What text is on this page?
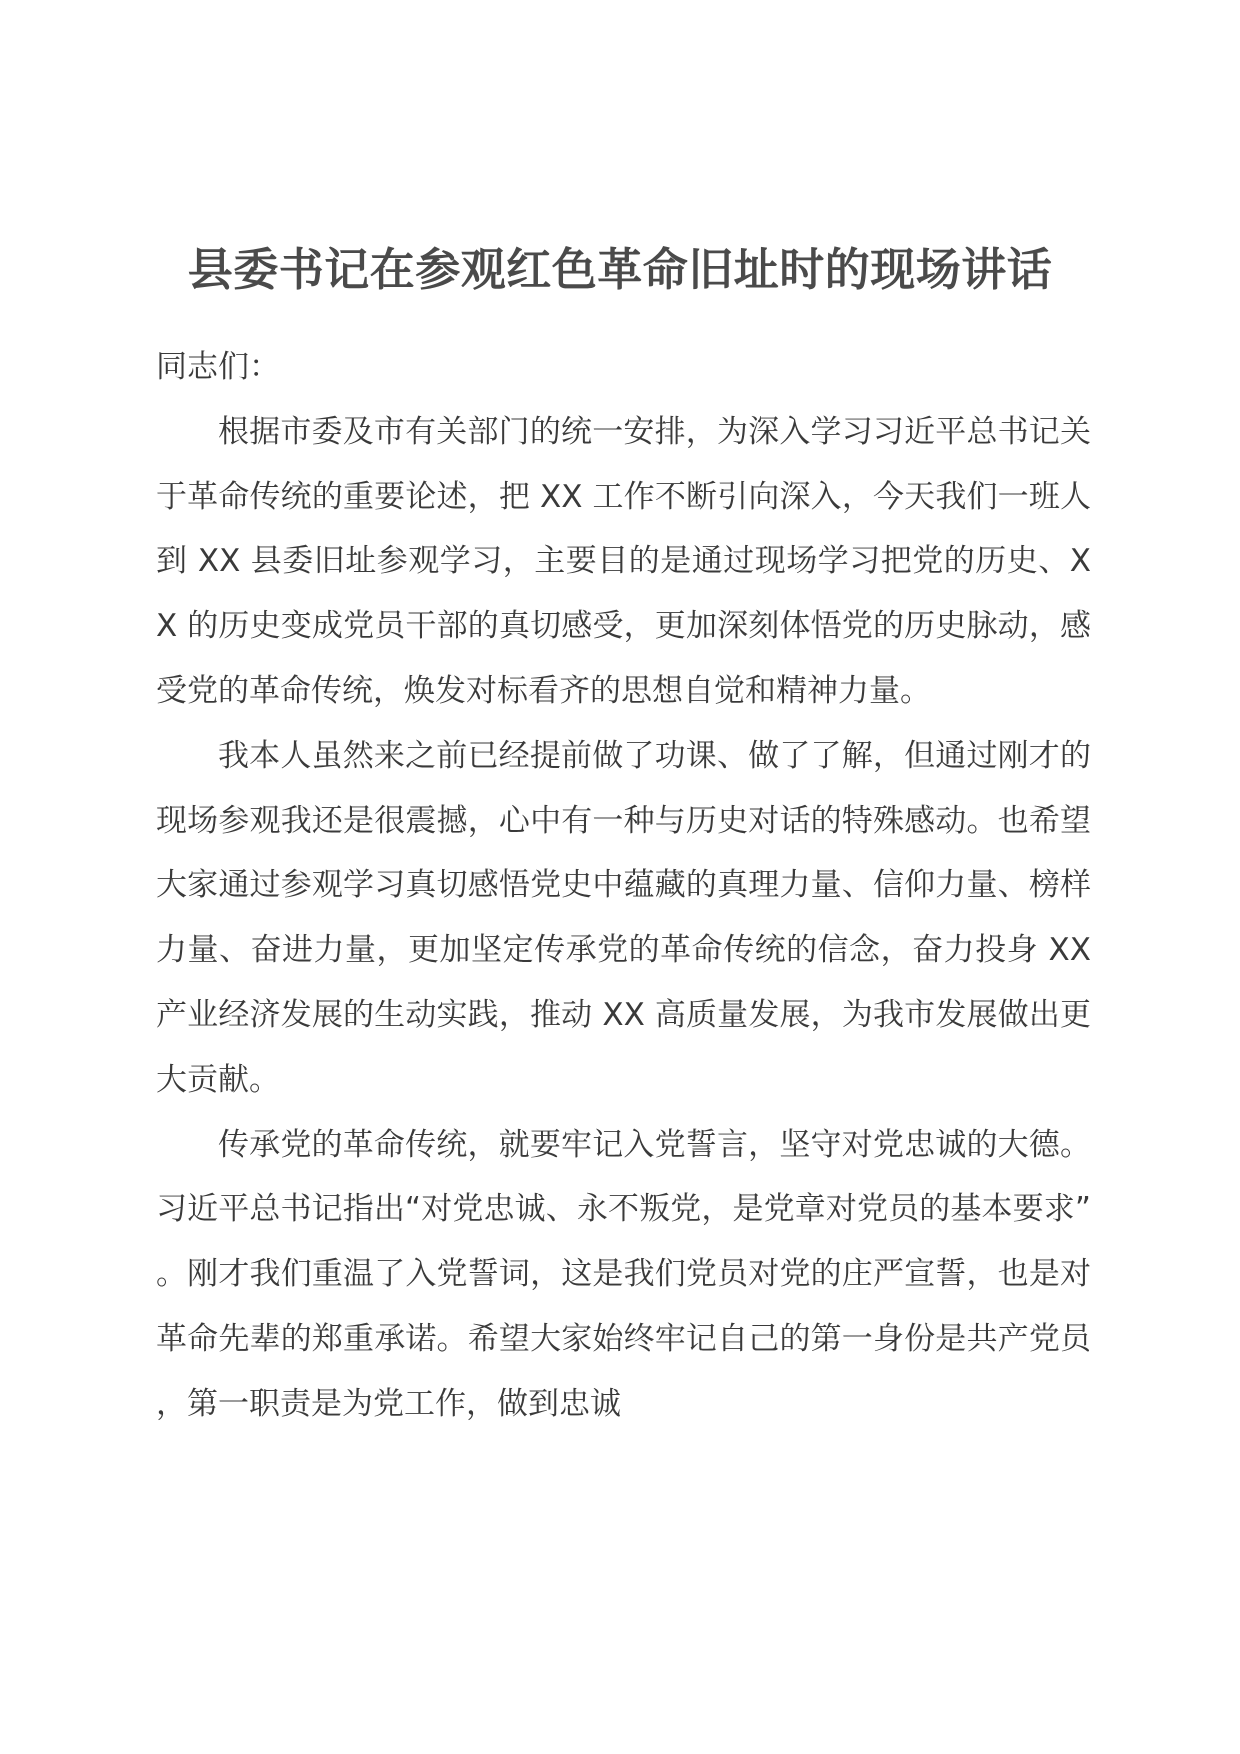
县委书记在参观红色革命旧址时的现场讲话

同志们：

根据市委及市有关部门的统一安排，为深入学习习近平总书记关于革命传统的重要论述，把 XX 工作不断引向深入，今天我们一班人到 XX 县委旧址参观学习，主要目的是通过现场学习把党的历史、XX 的历史变成党员干部的真切感受，更加深刻体悟党的历史脉动，感受党的革命传统，焕发对标看齐的思想自觉和精神力量。

我本人虽然来之前已经提前做了功课、做了了解，但通过刚才的现场参观我还是很震撼，心中有一种与历史对话的特殊感动。也希望大家通过参观学习真切感悟党史中蕴藏的真理力量、信仰力量、榜样力量、奋进力量，更加坚定传承党的革命传统的信念，奋力投身 XX 产业经济发展的生动实践，推动 XX 高质量发展，为我市发展做出更大贡献。

传承党的革命传统，就要牢记入党誓言，坚守对党忠诚的大德。习近平总书记指出“对党忠诚、永不叛党，是党章对党员的基本要求”。刚才我们重温了入党誓词，这是我们党员对党的庄严宣誓，也是对革命先辈的郑重承诺。希望大家始终牢记自己的第一身份是共产党员，第一职责是为党工作，做到忠诚
